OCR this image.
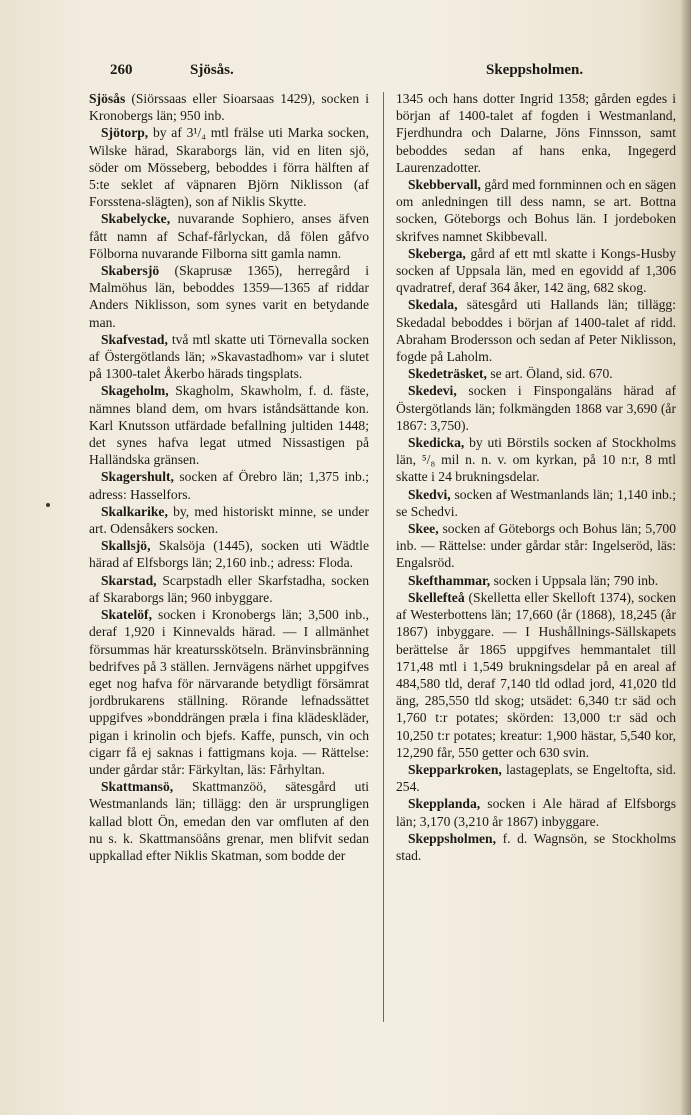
260	Sjösås.	Skeppsholmen.

Sjösås (Siörssaas eller Sioarsaas 1429), socken i Kronobergs län; 950 inb.

Sjötorp, by af 3¹/₄ mtl frälse uti Marka socken, Wilske härad, Skaraborgs län, vid en liten sjö, söder om Mösseberg, beboddes i förra hälften af 5:te seklet af väpnaren Björn Niklisson (af Forsstena-slägten), son af Niklis Skytte.

Skabelycke, nuvarande Sophiero, anses äfven fått namn af Schaf-fårlyckan, då fölen gåfvo Fölborna nuvarande Filborna sitt gamla namn.

Skabersjö (Skaprusæ 1365), herregård i Malmöhus län, beboddes 1359—1365 af riddar Anders Niklisson, som synes varit en betydande man.

Skafvestad, två mtl skatte uti Törnevalla socken af Östergötlands län; »Skavastadhom» var i slutet på 1300-talet Åkerbo härads tingsplats.

Skageholm, Skagholm, Skawholm, f. d. fäste, nämnes bland dem, om hvars iståndsättande kon. Karl Knutsson utfärdade befallning jultiden 1448; det synes hafva legat utmed Nissastigen på Halländska gränsen.

Skagershult, socken af Örebro län; 1,375 inb.; adress: Hasselfors.

Skalkarike, by, med historiskt minne, se under art. Odensåkers socken.

Skallsjö, Skalsöja (1445), socken uti Wädtle härad af Elfsborgs län; 2,160 inb.; adress: Floda.

Skarstad, Scarpstadh eller Skarfstadha, socken af Skaraborgs län; 960 inbyggare.

Skatelöf, socken i Kronobergs län; 3,500 inb., deraf 1,920 i Kinnevalds härad. — I allmänhet försummas här kreatursskötseln. Bränvinsbränning bedrifves på 3 ställen. Jernvägens närhet uppgifves eget nog hafva för närvarande betydligt försämrat jordbrukarens ställning. Rörande lefnadssättet uppgifves »bonddrängen præla i fina klädeskläder, pigan i krinolin och bjefs. Kaffe, punsch, vin och cigarr få ej saknas i fattigmans koja. — Rättelse: under gårdar står: Färkyltan, läs: Fårhyltan.

Skattmansö, Skattmanzöö, sätesgård uti Westmanlands län; tillägg: den är ursprungligen kallad blott Ön, emedan den var omfluten af den nu s. k. Skattmansöåns grenar, men blifvit sedan uppkallad efter Niklis Skatman, som bodde der

1345 och hans dotter Ingrid 1358; gården egdes i början af 1400-talet af fogden i Westmanland, Fjerdhundra och Dalarne, Jöns Finnsson, samt beboddes sedan af hans enka, Ingegerd Laurenzadotter.

Skebbervall, gård med fornminnen och en sägen om anledningen till dess namn, se art. Bottna socken, Göteborgs och Bohus län. I jordeboken skrifves namnet Skibbevall.

Skeberga, gård af ett mtl skatte i Kongs-Husby socken af Uppsala län, med en egovidd af 1,306 qvadratref, deraf 364 åker, 142 äng, 682 skog.

Skedala, sätesgård uti Hallands län; tillägg: Skedadal beboddes i början af 1400-talet af ridd. Abraham Brodersson och sedan af Peter Niklisson, fogde på Laholm.

Skedeträsket, se art. Öland, sid. 670.

Skedevi, socken i Finspongaläns härad af Östergötlands län; folkmängden 1868 var 3,690 (år 1867: 3,750).

Skedicka, by uti Börstils socken af Stockholms län, ⁵/₈ mil n. n. v. om kyrkan, på 10 n:r, 8 mtl skatte i 24 brukningsdelar.

Skedvi, socken af Westmanlands län; 1,140 inb.; se Schedvi.

Skee, socken af Göteborgs och Bohus län; 5,700 inb. — Rättelse: under gårdar står: Ingelseröd, läs: Engalsröd.

Skefthammar, socken i Uppsala län; 790 inb.

Skellefteå (Skelletta eller Skelloft 1374), socken af Westerbottens län; 17,660 (år (1868), 18,245 (år 1867) inbyggare. — I Hushållnings-Sällskapets berättelse år 1865 uppgifves hemmantalet till 171,48 mtl i 1,549 brukningsdelar på en areal af 484,580 tld, deraf 7,140 tld odlad jord, 41,020 tld äng, 285,550 tld skog; utsädet: 6,340 t:r säd och 1,760 t:r potates; skörden: 13,000 t:r säd och 10,250 t:r potates; kreatur: 1,900 hästar, 5,540 kor, 12,290 får, 550 getter och 630 svin.

Skepparkroken, lastageplats, se Engeltofta, sid. 254.

Skepplanda, socken i Ale härad af Elfsborgs län; 3,170 (3,210 år 1867) inbyggare.

Skeppsholmen, f. d. Wagnsön, se Stockholms stad.
